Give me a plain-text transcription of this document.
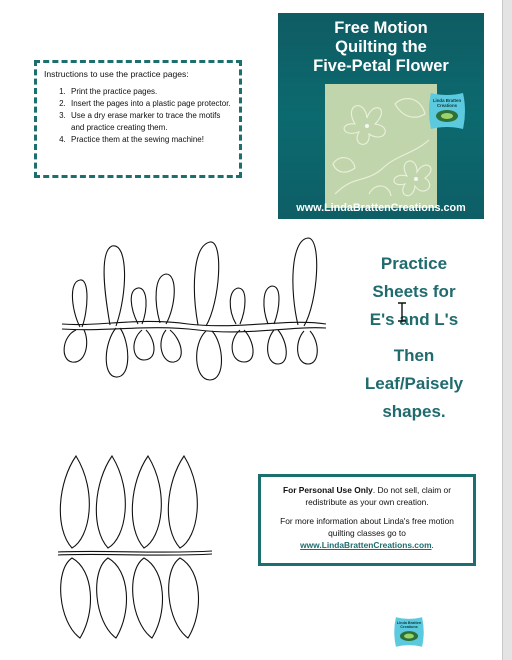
Instructions to use the practice pages:
1. Print the practice pages.
2. Insert the pages into a plastic page protector.
3. Use a dry erase marker to trace the motifs and practice creating them.
4. Practice them at the sewing machine!
Free Motion
Quilting the
Five-Petal Flower
Linda Bratten
Creations
www.LindaBrattenCreations.com
Practice
Sheets for
E's and L's
Then
Leaf/Paisely
shapes.

For Personal Use Only. Do not sell, claim or redistribute as your own creation.

For more information about Linda's free motion quilting classes go to
www.LindaBrattenCreations.com.

Linda Bratten
Creations
